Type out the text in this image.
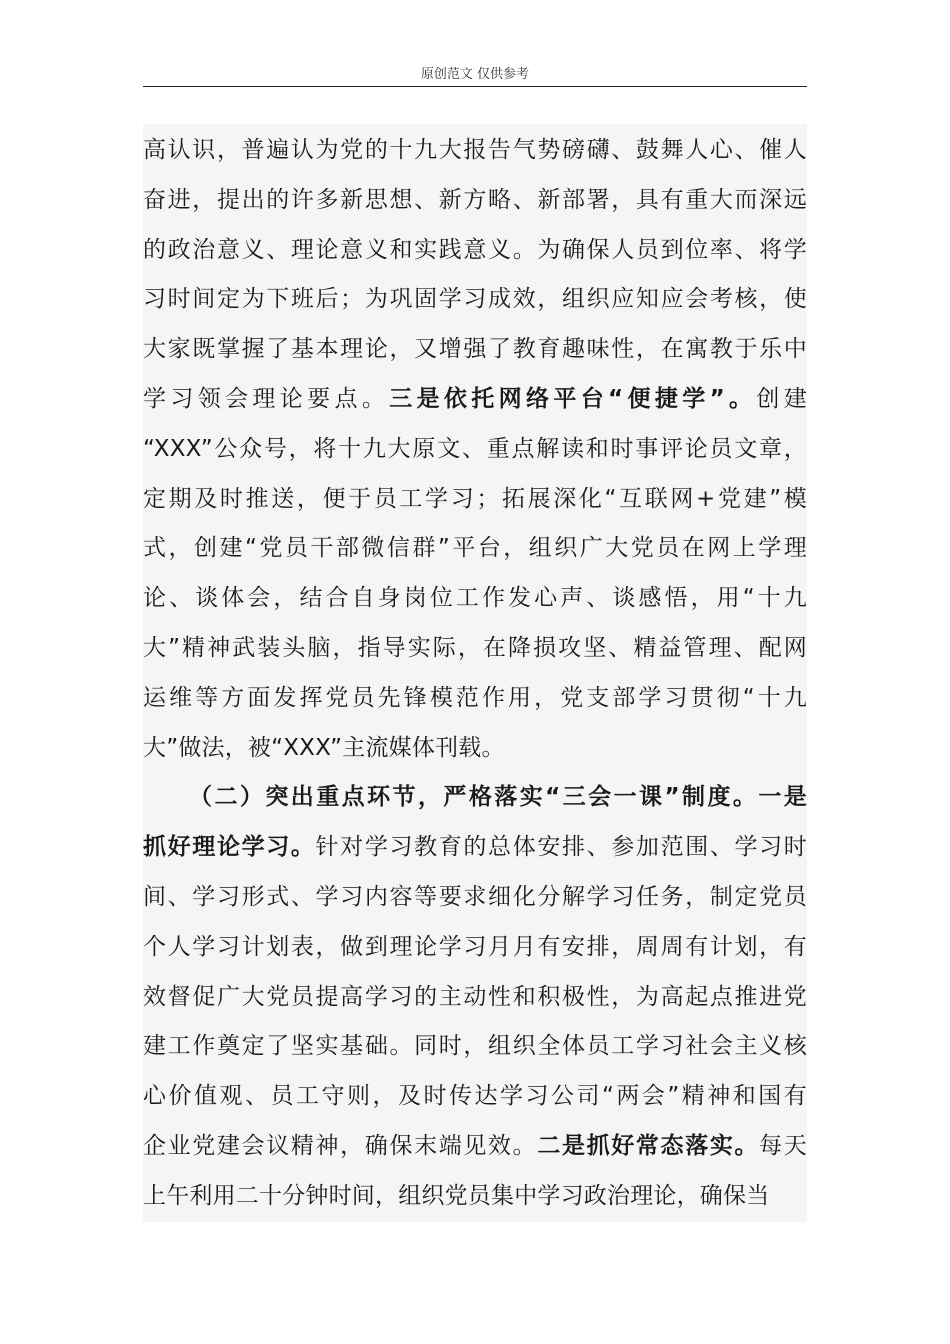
原创范文 仅供参考
高认识，普遍认为党的十九大报告气势磅礴、鼓舞人心、催人
奋进，提出的许多新思想、新方略、新部署，具有重大而深远
的政治意义、理论意义和实践意义。为确保人员到位率、将学
习时间定为下班后；为巩固学习成效，组织应知应会考核，使
大家既掌握了基本理论，又增强了教育趣味性，在寓教于乐中
学习领会理论要点。三是依托网络平台“便捷学”。创建
“XXX”公众号，将十九大原文、重点解读和时事评论员文章，
定期及时推送，便于员工学习；拓展深化“互联网+党建”模
式，创建“党员干部微信群”平台，组织广大党员在网上学理
论、谈体会，结合自身岗位工作发心声、谈感悟，用“十九
大”精神武装头脑，指导实际，在降损攻坚、精益管理、配网
运维等方面发挥党员先锋模范作用，党支部学习贯彻“十九
大”做法，被“XXX”主流媒体刊载。
（二）突出重点环节，严格落实“三会一课”制度。一是
抓好理论学习。针对学习教育的总体安排、参加范围、学习时
间、学习形式、学习内容等要求细化分解学习任务，制定党员
个人学习计划表，做到理论学习月月有安排，周周有计划，有
效督促广大党员提高学习的主动性和积极性，为高起点推进党
建工作奠定了坚实基础。同时，组织全体员工学习社会主义核
心价值观、员工守则，及时传达学习公司“两会”精神和国有
企业党建会议精神，确保末端见效。二是抓好常态落实。每天
上午利用二十分钟时间，组织党员集中学习政治理论，确保当
